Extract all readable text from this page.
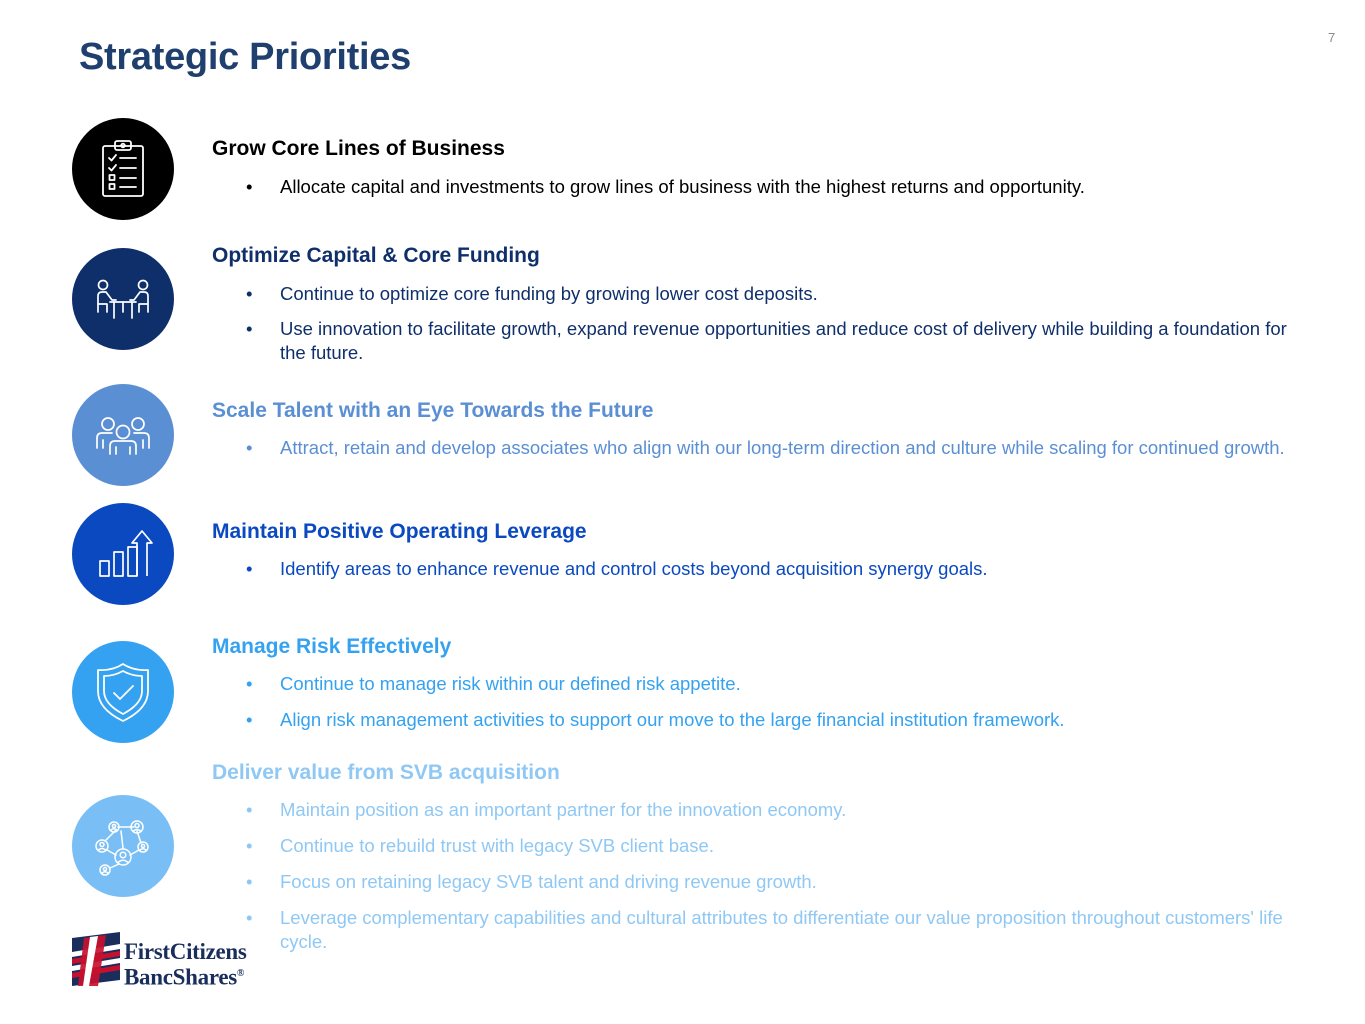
7
Strategic Priorities
Grow Core Lines of Business
• Allocate capital and investments to grow lines of business with the highest returns and opportunity.
Optimize Capital & Core Funding
• Continue to optimize core funding by growing lower cost deposits.
• Use innovation to facilitate growth, expand revenue opportunities and reduce cost of delivery while building a foundation for the future.
Scale Talent with an Eye Towards the Future
• Attract, retain and develop associates who align with our long-term direction and culture while scaling for continued growth.
Maintain Positive Operating Leverage
• Identify areas to enhance revenue and control costs beyond acquisition synergy goals.
Manage Risk Effectively
• Continue to manage risk within our defined risk appetite.
• Align risk management activities to support our move to the large financial institution framework.
Deliver value from SVB acquisition
• Maintain position as an important partner for the innovation economy.
• Continue to rebuild trust with legacy SVB client base.
• Focus on retaining legacy SVB talent and driving revenue growth.
• Leverage complementary capabilities and cultural attributes to differentiate our value proposition throughout customers' life cycle.
FirstCitizens
BancShares®
